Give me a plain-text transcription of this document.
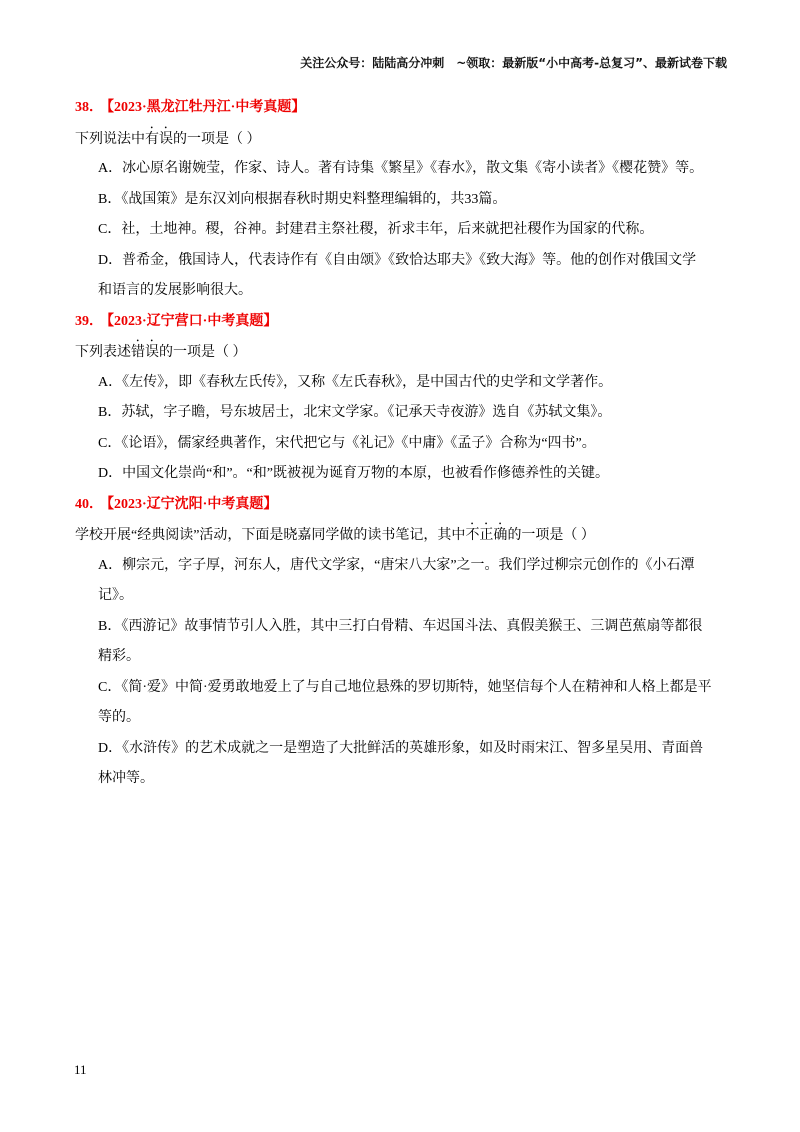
关注公众号：陆陆高分冲刺　~领取：最新版“小中高考-总复习”、最新试卷下载
38． 【2023·黑龙江牡丹江·中考真题】
下列说法中有误的一项是（ ）
A．冰心原名谢婉莹，作家、诗人。著有诗集《繁星》《春水》，散文集《寄小读者》《樱花赞》等。
B．《战国策》是东汉刘向根据春秋时期史料整理编辑的，共33篇。
C．社，土地神。稷，谷神。封建君主祭社稷，祈求丰年，后来就把社稷作为国家的代称。
D．普希金，俄国诗人，代表诗作有《自由颂》《致恰达耶夫》《致大海》等。他的创作对俄国文学
和语言的发展影响很大。
39． 【2023·辽宁营口·中考真题】
下列表述错误的一项是（ ）
A．《左传》，即《春秋左氏传》，又称《左氏春秋》，是中国古代的史学和文学著作。
B．苏轼，字子瞻，号东坡居士，北宋文学家。《记承天寺夜游》选自《苏轼文集》。
C．《论语》，儒家经典著作，宋代把它与《礼记》《中庸》《孟子》合称为“四书”。
D．中国文化崇尚“和”。“和”既被视为诞育万物的本原，也被看作修德养性的关键。
40． 【2023·辽宁沈阳·中考真题】
学校开展“经典阅读”活动，下面是晓嘉同学做的读书笔记，其中不正确的一项是（ ）
A．柳宗元，字子厚，河东人，唐代文学家，“唐宋八大家”之一。我们学过柳宗元创作的《小石潭
记》。
B．《西游记》故事情节引人入胜，其中三打白骨精、车迟国斗法、真假美猴王、三调芭蕉扇等都很
精彩。
C．《简·爱》中简·爱勇敢地爱上了与自己地位悬殊的罗切斯特，她坚信每个人在精神和人格上都是平
等的。
D．《水浒传》的艺术成就之一是塑造了大批鲜活的英雄形象，如及时雨宋江、智多星吴用、青面兽
林冲等。
11
